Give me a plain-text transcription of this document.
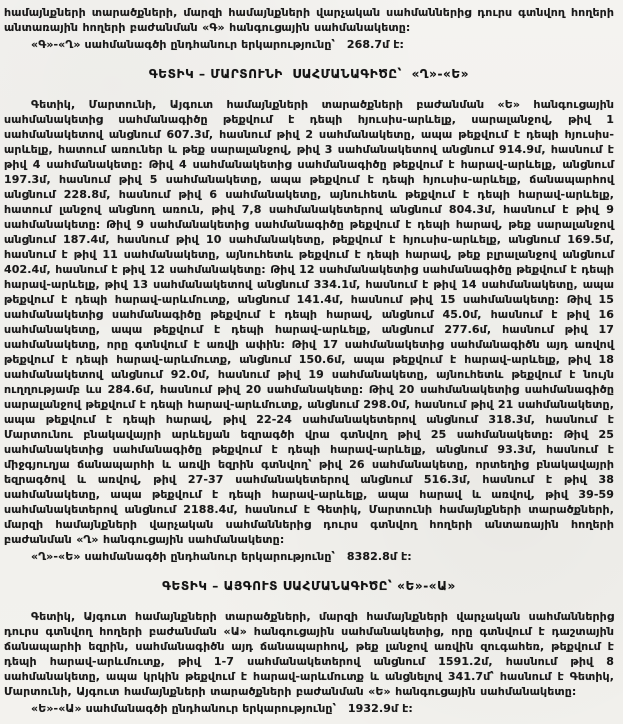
համայնքների տարածքների, մարզի համայնքների վարչական սահմաններից դուրս գտնվող հողերի անտառային հողերի բաժանման «Գ» հանգուցային սահմանակետը:

«Գ»-«Ղ» սահմանագծի ընդհանուր երկարությունը՝   268.7մ է:

ԳԵՏԻԿ – ՄԱՐՏՈՒՆԻ  ՍԱՀՄԱՆԱԳԻԾԸ՝  «Ղ»-«Ե»

Գետիկ, Մարտունի, Այգուտ համայնքների տարածքների բաժանման «Ե» հանգուցային սահմանակետից սահմանագիծը թեքվում է դեպի հյուսիս-արևելք, սարալանջով, թիվ 1 սահմանակետով անցնում 607.3մ, հասնում թիվ 2 սահմանակետը, ապա թեքվում է դեպի հյուսիս-արևելք, հատում առուներ և թեք սարալանջով, թիվ 3 սահմանակետով անցնում 914.9մ, հասնում է թիվ 4 սահմանակետը: Թիվ 4 սահմանակետից սահմանագիծը թեքվում է հարավ-արևելք, անցնում 197.3մ, հասնում թիվ 5 սահմանակետը, ապա թեքվում է դեպի հյուսիս-արևելք, ճանապարհով անցնում 228.8մ, հասնում թիվ 6 սահմանակետը, այնուհետև թեքվում է դեպի հարավ-արևելք, հատում լանջով անցնող առուն, թիվ 7,8 սահմանակետերով անցնում 804.3մ, հասնում է թիվ 9 սահմանակետը: Թիվ 9 սահմանակետից սահմանագիծը թեքվում է դեպի հարավ, թեք սարալանջով անցնում 187.4մ, հասնում թիվ 10 սահմանակետը, թեքվում է հյուսիս-արևելք, անցնում 169.5մ, հասնում է թիվ 11 սահմանակետը, այնուհետև թեքվում է դեպի հարավ, թեք բլրալանջով անցնում 402.4մ, հասնում է թիվ 12 սահմանակետը: Թիվ 12 սահմանակետից սահմանագիծը թեքվում է դեպի հարավ-արևելք, թիվ 13 սահմանակետով անցնում 334.1մ, հասնում է թիվ 14 սահմանակետը, ապա թեքվում է դեպի հարավ-արևմուտք, անցնում 141.4մ, հասնում թիվ 15 սահմանակետը: Թիվ 15 սահմանակետից սահմանագիծը թեքվում է դեպի հարավ, անցնում 45.0մ, հասնում է թիվ 16 սահմանակետը, ապա թեքվում է դեպի հարավ-արևելք, անցնում 277.6մ, հասնում թիվ 17 սահմանակետը, որը գտնվում է առվի ափին: Թիվ 17 սահմանակետից սահմանագիծն այդ առվով թեքվում է դեպի հարավ-արևմուտք, անցնում 150.6մ, ապա թեքվում է հարավ-արևելք, թիվ 18 սահմանակետով անցնում 92.0մ, հասնում թիվ 19 սահմանակետը, այնուհետև թեքվում է նույն ուղղությամբ ևս 284.6մ, հասնում թիվ 20 սահմանակետը: Թիվ 20 սահմանակետից սահմանագիծը սարալանջով թեքվում է դեպի հարավ-արևմուտք, անցնում 298.0մ, հասնում թիվ 21 սահմանակետը, ապա թեքվում է դեպի հարավ, թիվ 22-24 սահմանակետերով անցնում 318.3մ, հասնում է Մարտունու բնակավայրի արևելյան եզրագծի վրա գտնվող թիվ 25 սահմանակետը: Թիվ 25 սահմանակետից սահմանագիծը թեքվում է դեպի հարավ-արևելք, անցնում 93.3մ, հասնում է միջգյուղյա ճանապարհի և առվի եզրին գտնվող՝ թիվ 26 սահմանակետը, որտեղից բնակավայրի եզրագծով և առվով, թիվ 27-37 սահմանակետերով անցնում 516.3մ, հասնում է թիվ 38 սահմանակետը, ապա թեքվում է դեպի հարավ-արևելք, ապա հարավ և առվով, թիվ 39-59 սահմանակետերով անցնում 2188.4մ, հասնում է Գետիկ, Մարտունի համայնքների տարածքների, մարզի համայնքների վարչական սահմաններից դուրս գտնվող հողերի անտառային հողերի բաժանման «Ղ» հանգուցային սահմանակետը:

«Ղ»-«Ե» սահմանագծի ընդհանուր երկարությունը՝   8382.8մ է:

ԳԵՏԻԿ – ԱՅԳՈՒՏ ՍԱՀՄԱՆԱԳԻԾԸ՝ «Ե»-«Ա»

Գետիկ, Այգուտ համայնքների տարածքների, մարզի համայնքների վարչական սահմաններից դուրս գտնվող հողերի բաժանման «Ա» հանգուցային սահմանակետից, որը գտնվում է դաշտային ճանապարհի եզրին, սահմանագիծն այդ ճանապարհով, թեք լանջով առվին զուգահեռ, թեքվում է դեպի հարավ-արևմուտք, թիվ 1-7 սահմանակետերով անցնում 1591.2մ, հասնում թիվ 8 սահմանակետը, ապա կրկին թեքվում է հարավ-արևմուտք և անցնելով 341.7մ՝ հասնում է Գետիկ, Մարտունի, Այգուտ համայնքների տարածքների բաժանման «Ե» հանգուցային սահմանակետը:

«Ե»-«Ա» սահմանագծի ընդհանուր երկարությունը՝   1932.9մ է:
